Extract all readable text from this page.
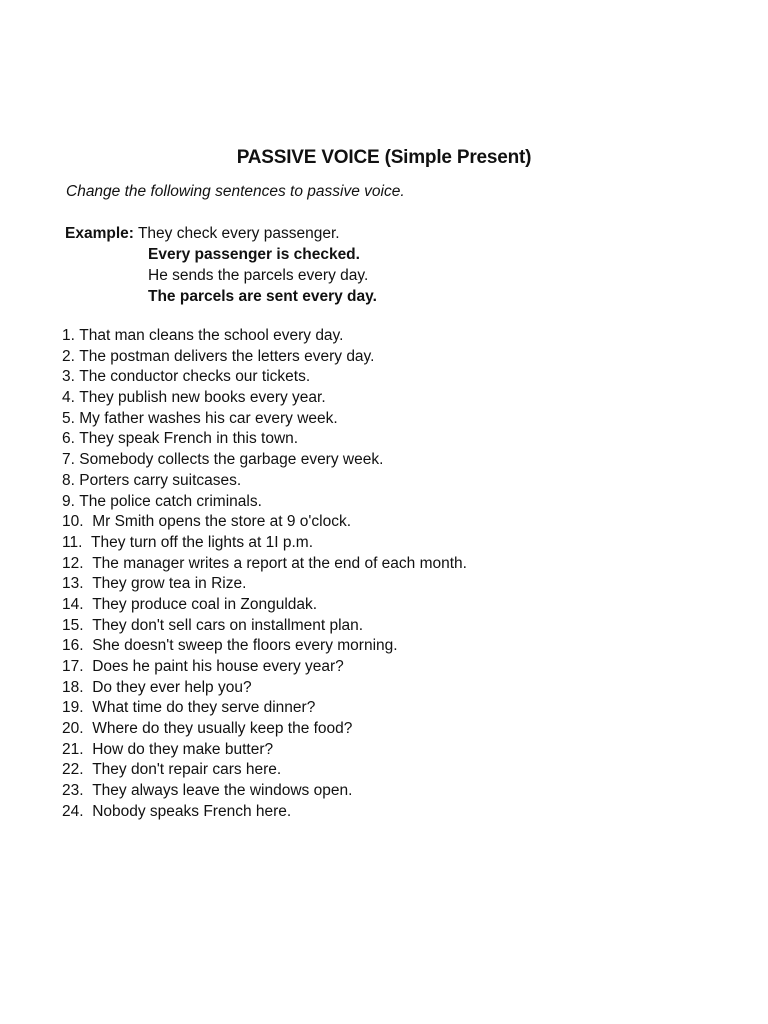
PASSIVE VOICE (Simple Present)

Change the following sentences to passive voice.

Example: They check every passenger.
Every passenger is checked.
He sends the parcels every day.
The parcels are sent every day.
1. That man cleans the school every day.
2. The postman delivers the letters every day.
3. The conductor checks our tickets.
4. They publish new books every year.
5. My father washes his car every week.
6. They speak French in this town.
7. Somebody collects the garbage every week.
8. Porters carry suitcases.
9. The police catch criminals.
10. Mr Smith opens the store at 9 o'clock.
11. They turn off the lights at 1I p.m.
12. The manager writes a report at the end of each month.
13. They grow tea in Rize.
14. They produce coal in Zonguldak.
15. They don't sell cars on installment plan.
16. She doesn't sweep the floors every morning.
17. Does he paint his house every year?
18. Do they ever help you?
19. What time do they serve dinner?
20. Where do they usually keep the food?
21. How do they make butter?
22. They don't repair cars here.
23. They always leave the windows open.
24. Nobody speaks French here.
